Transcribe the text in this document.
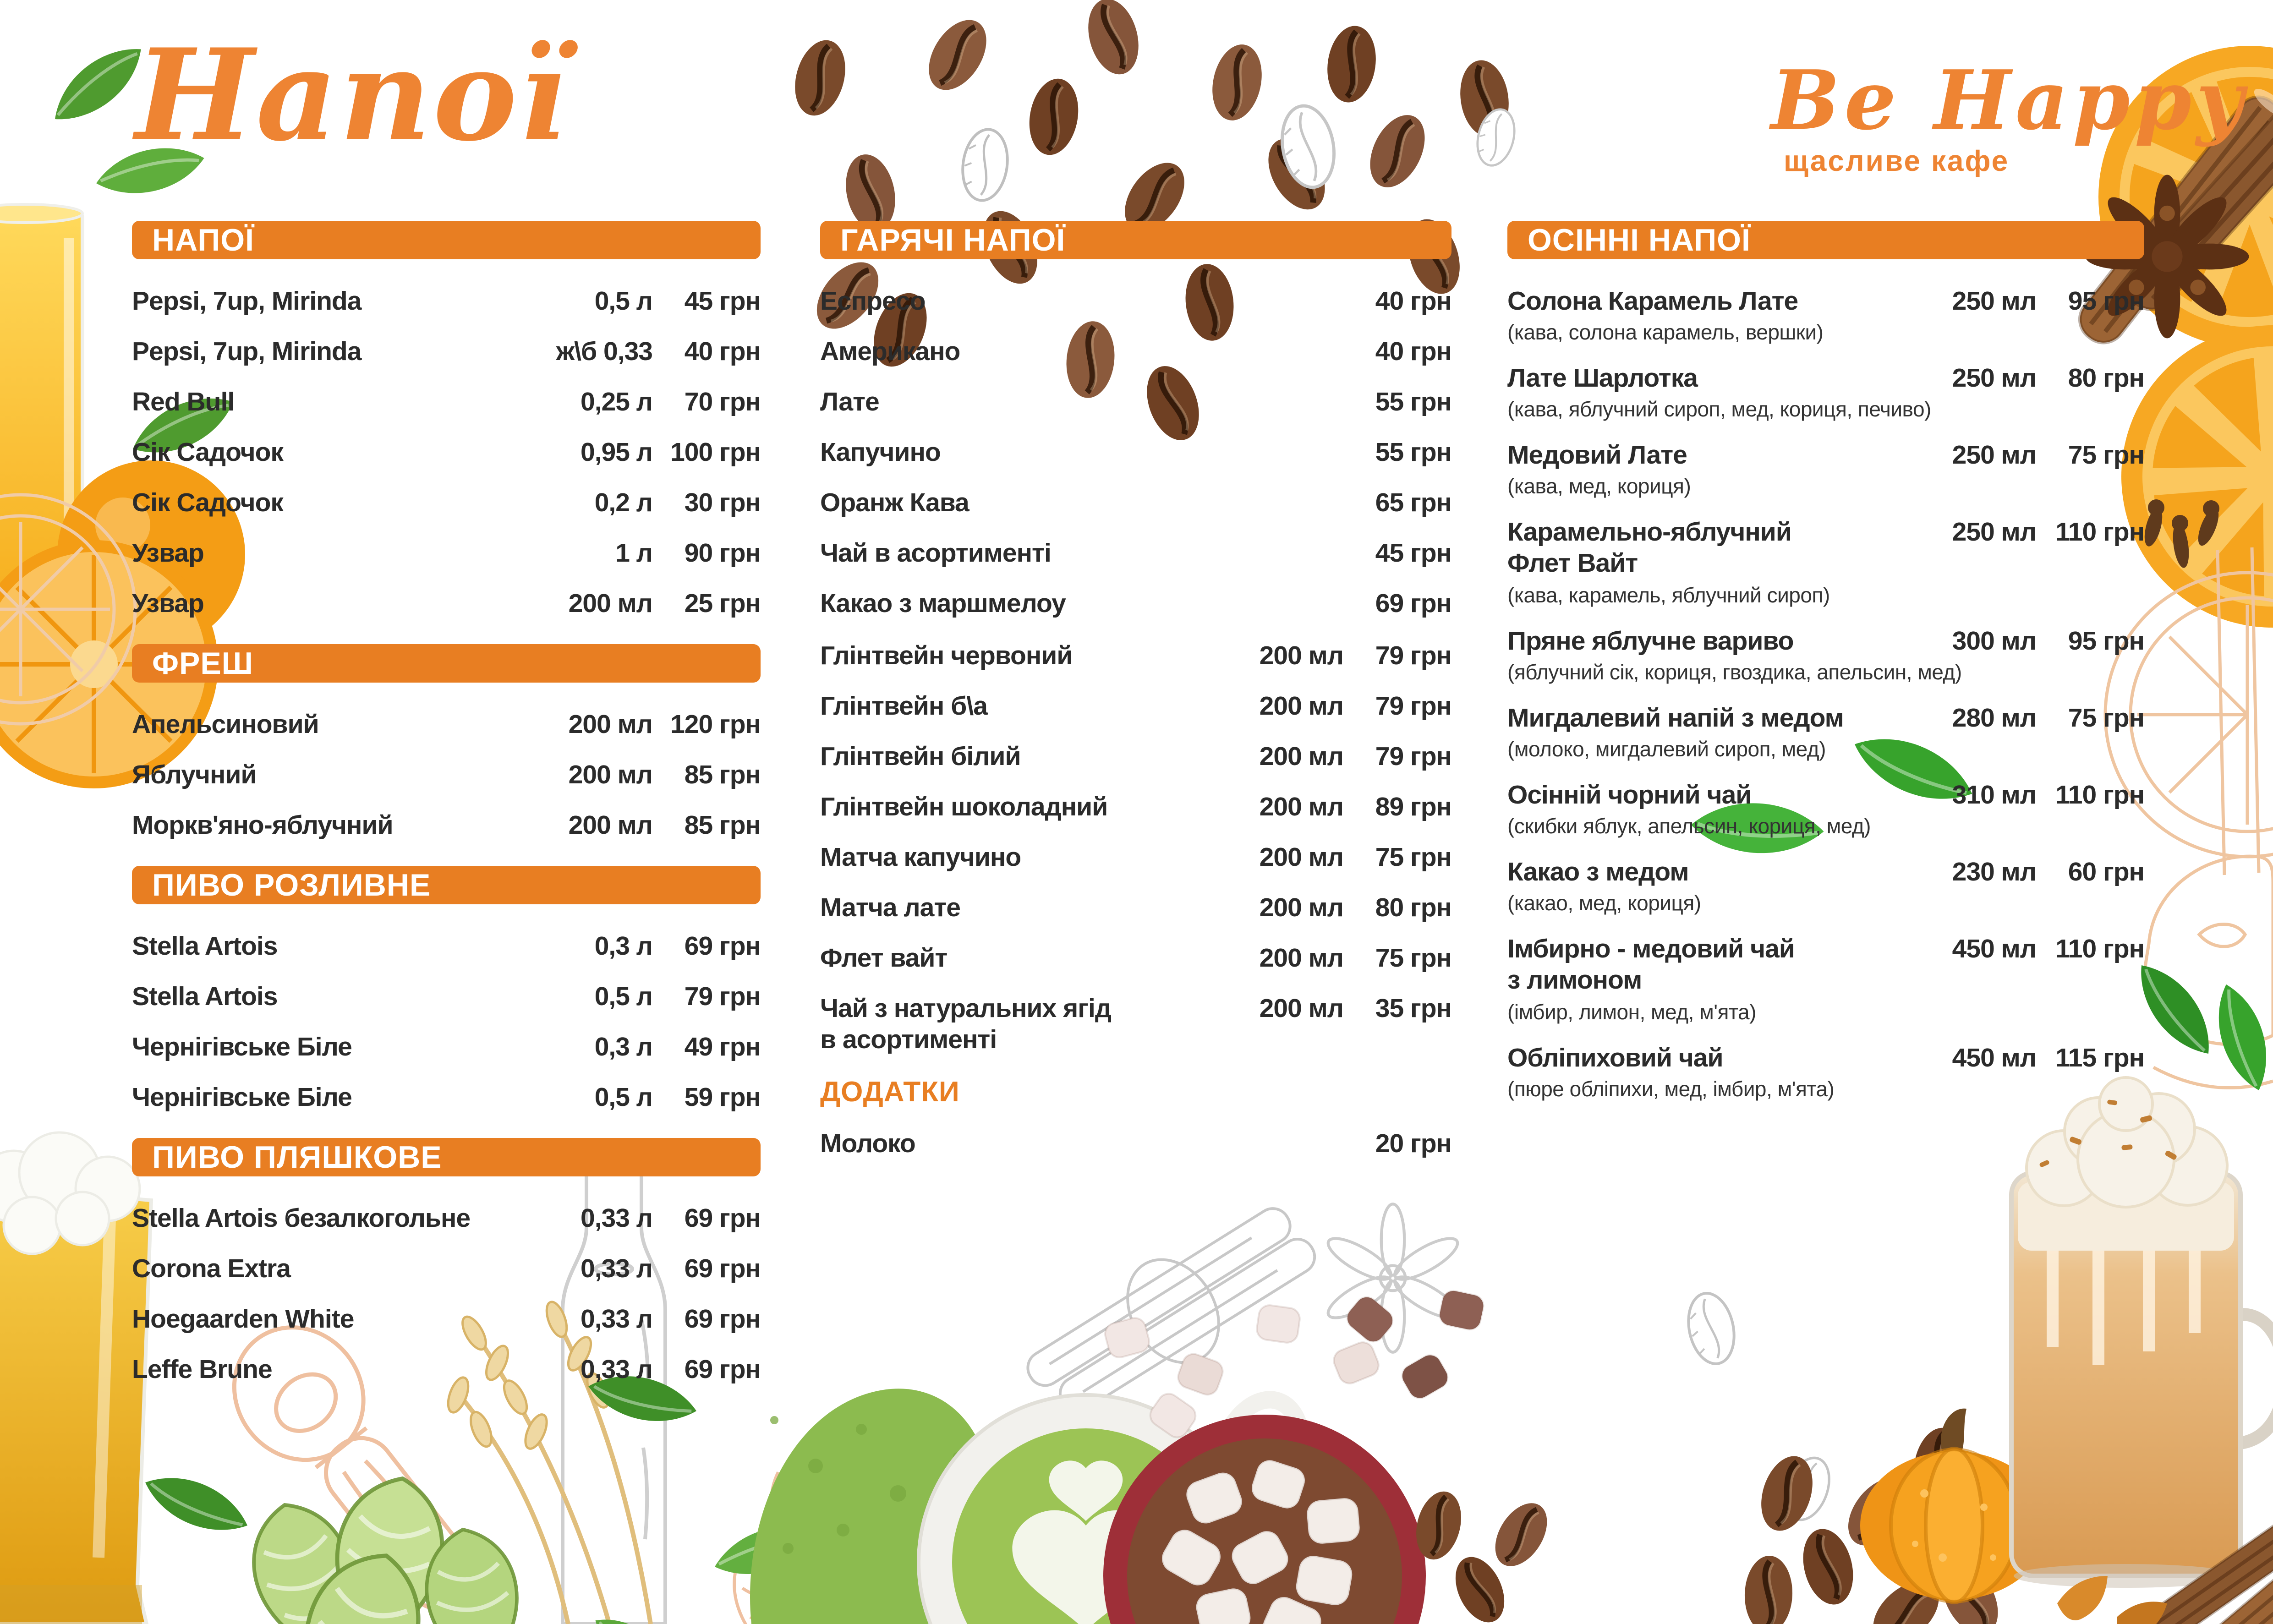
Напої	Be Happy
щасливе кафе
НАПОЇ
Pepsi, 7up, Mirinda	0,5 л	45 грн
Pepsi, 7up, Mirinda	ж\б 0,33	40 грн
Red Bull	0,25 л	70 грн
Сік Садочок	0,95 л 100 грн
Сік Садочок	0,2 л	30 грн
Узвар	1 л	90 грн
Узвар	200 мл	25 грн
ФРЕШ
Апельсиновий	200 мл 120 грн
Яблучний	200 мл	85 грн
Моркв'яно-яблучний	200 мл	85 грн
ПИВО РОЗЛИВНЕ
Stella Artois	0,3 л	69 грн
Stella Artois	0,5 л	79 грн
Чернігівське Біле	0,3 л	49 грн
Чернігівське Біле	0,5 л	59 грн
ПИВО ПЛЯШКОВЕ
Stella Artois безалкогольне	0,33 л	69 грн
Corona Extra	0,33 л	69 грн
Hoegaarden White	0,33 л	69 грн
Leffe Brune	0,33 л	69 грн
ГАРЯЧІ НАПОЇ
Еспресо	40 грн
Американо	40 грн
Лате	55 грн
Капучино	55 грн
Оранж Кава	65 грн
Чай в асортименті	45 грн
Какао з маршмелоу	69 грн
Глінтвейн червоний	200 мл	79 грн
Глінтвейн б\а	200 мл	79 грн
Глінтвейн білий	200 мл	79 грн
Глінтвейн шоколадний	200 мл	89 грн
Матча капучино	200 мл	75 грн
Матча лате	200 мл	80 грн
Флет вайт	200 мл	75 грн
Чай з натуральних ягід	200 мл	35 грн
в асортименті
ДОДАТКИ
Молоко	20 грн
ОСІННІ НАПОЇ
Солона Карамель Лате	250 мл	95 грн
(кава, солона карамель, вершки)
Лате Шарлотка	250 мл	80 грн
(кава, яблучний сироп, мед, кориця, печиво)
Медовий Лате	250 мл	75 грн
(кава, мед, кориця)
Карамельно-яблучний	250 мл 110 грн
Флет Вайт
(кава, карамель, яблучний сироп)
Пряне яблучне вариво	300 мл	95 грн
(яблучний сік, кориця, гвоздика, апельсин, мед)
Мигдалевий напій з медом	280 мл	75 грн
(молоко, мигдалевий сироп, мед)
Осінній чорний чай	310 мл 110 грн
(скибки яблук, апельсин, кориця, мед)
Какао з медом	230 мл	60 грн
(какао, мед, кориця)
Імбирно - медовий чай	450 мл 110 грн
з лимоном
(імбир, лимон, мед, м'ята)
Обліпиховий чай	450 мл 115 грн
(пюре обліпихи, мед, імбир, м'ята)
